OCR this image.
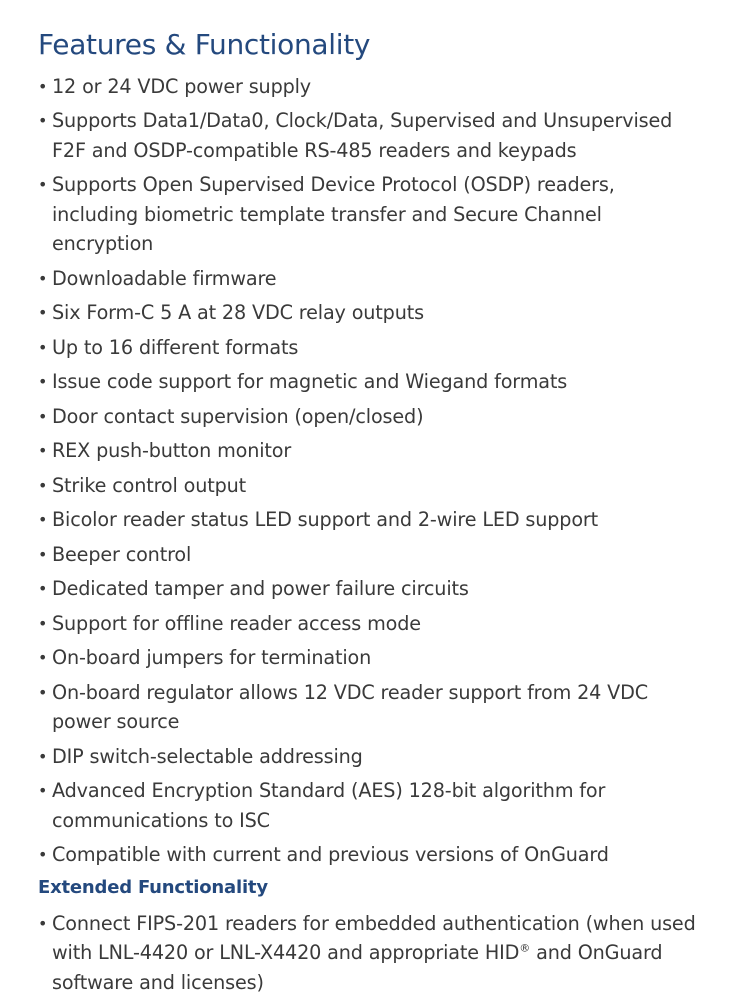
Features & Functionality
• 12 or 24 VDC power supply
• Supports Data1/Data0, Clock/Data, Supervised and Unsupervised F2F and OSDP-compatible RS-485 readers and keypads
• Supports Open Supervised Device Protocol (OSDP) readers, including biometric template transfer and Secure Channel encryption
• Downloadable firmware
• Six Form-C 5 A at 28 VDC relay outputs
• Up to 16 different formats
• Issue code support for magnetic and Wiegand formats
• Door contact supervision (open/closed)
• REX push-button monitor
• Strike control output
• Bicolor reader status LED support and 2-wire LED support
• Beeper control
• Dedicated tamper and power failure circuits
• Support for offline reader access mode
• On-board jumpers for termination
• On-board regulator allows 12 VDC reader support from 24 VDC power source
• DIP switch-selectable addressing
• Advanced Encryption Standard (AES) 128-bit algorithm for communications to ISC
• Compatible with current and previous versions of OnGuard
Extended Functionality
• Connect FIPS-201 readers for embedded authentication (when used with LNL-4420 or LNL-X4420 and appropriate HID® and OnGuard software and licenses)
